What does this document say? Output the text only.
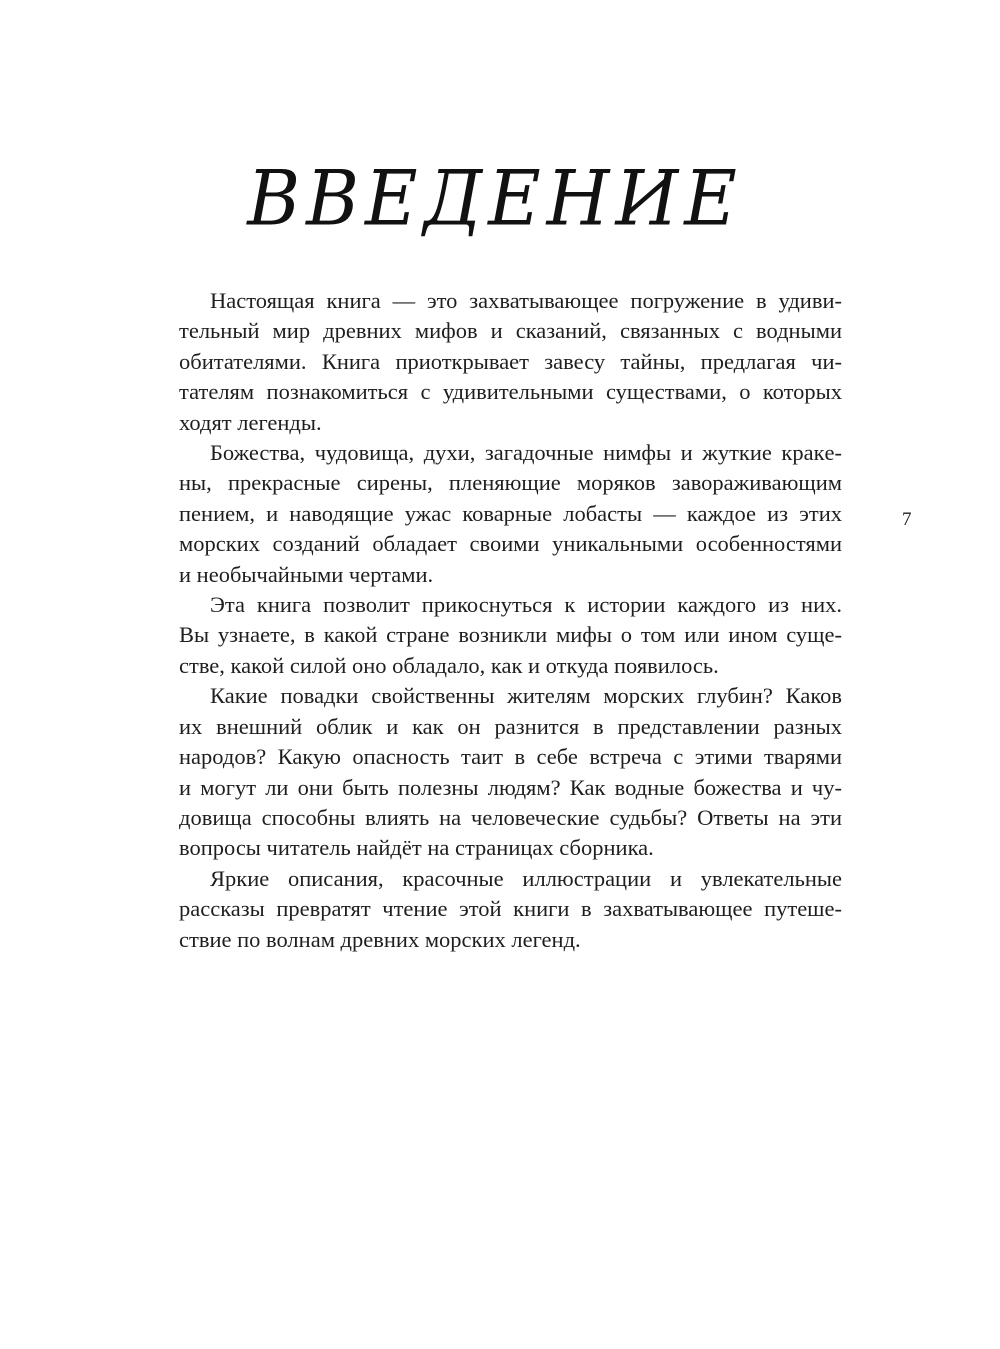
ВВЕДЕНИЕ
Настоящая книга — это захватывающее погружение в удиви-
тельный мир древних мифов и сказаний, связанных с водными
обитателями. Книга приоткрывает завесу тайны, предлагая чи-
тателям познакомиться с удивительными существами, о которых
ходят легенды.
Божества, чудовища, духи, загадочные нимфы и жуткие кракe-
ны, прекрасные сирены, пленяющие моряков завораживающим
пением, и наводящие ужас коварные лобасты — каждое из этих
морских созданий обладает своими уникальными особенностями
и необычайными чертами.
Эта книга позволит прикоснуться к истории каждого из них.
Вы узнаете, в какой стране возникли мифы о том или ином суще-
стве, какой силой оно обладало, как и откуда появилось.
Какие повадки свойственны жителям морских глубин? Каков
их внешний облик и как он разнится в представлении разных
народов? Какую опасность таит в себе встреча с этими тварями
и могут ли они быть полезны людям? Как водные божества и чу-
довища способны влиять на человеческие судьбы? Ответы на эти
вопросы читатель найдёт на страницах сборника.
Яркие описания, красочные иллюстрации и увлекательные
рассказы превратят чтение этой книги в захватывающее путеше-
ствие по волнам древних морских легенд.
7
